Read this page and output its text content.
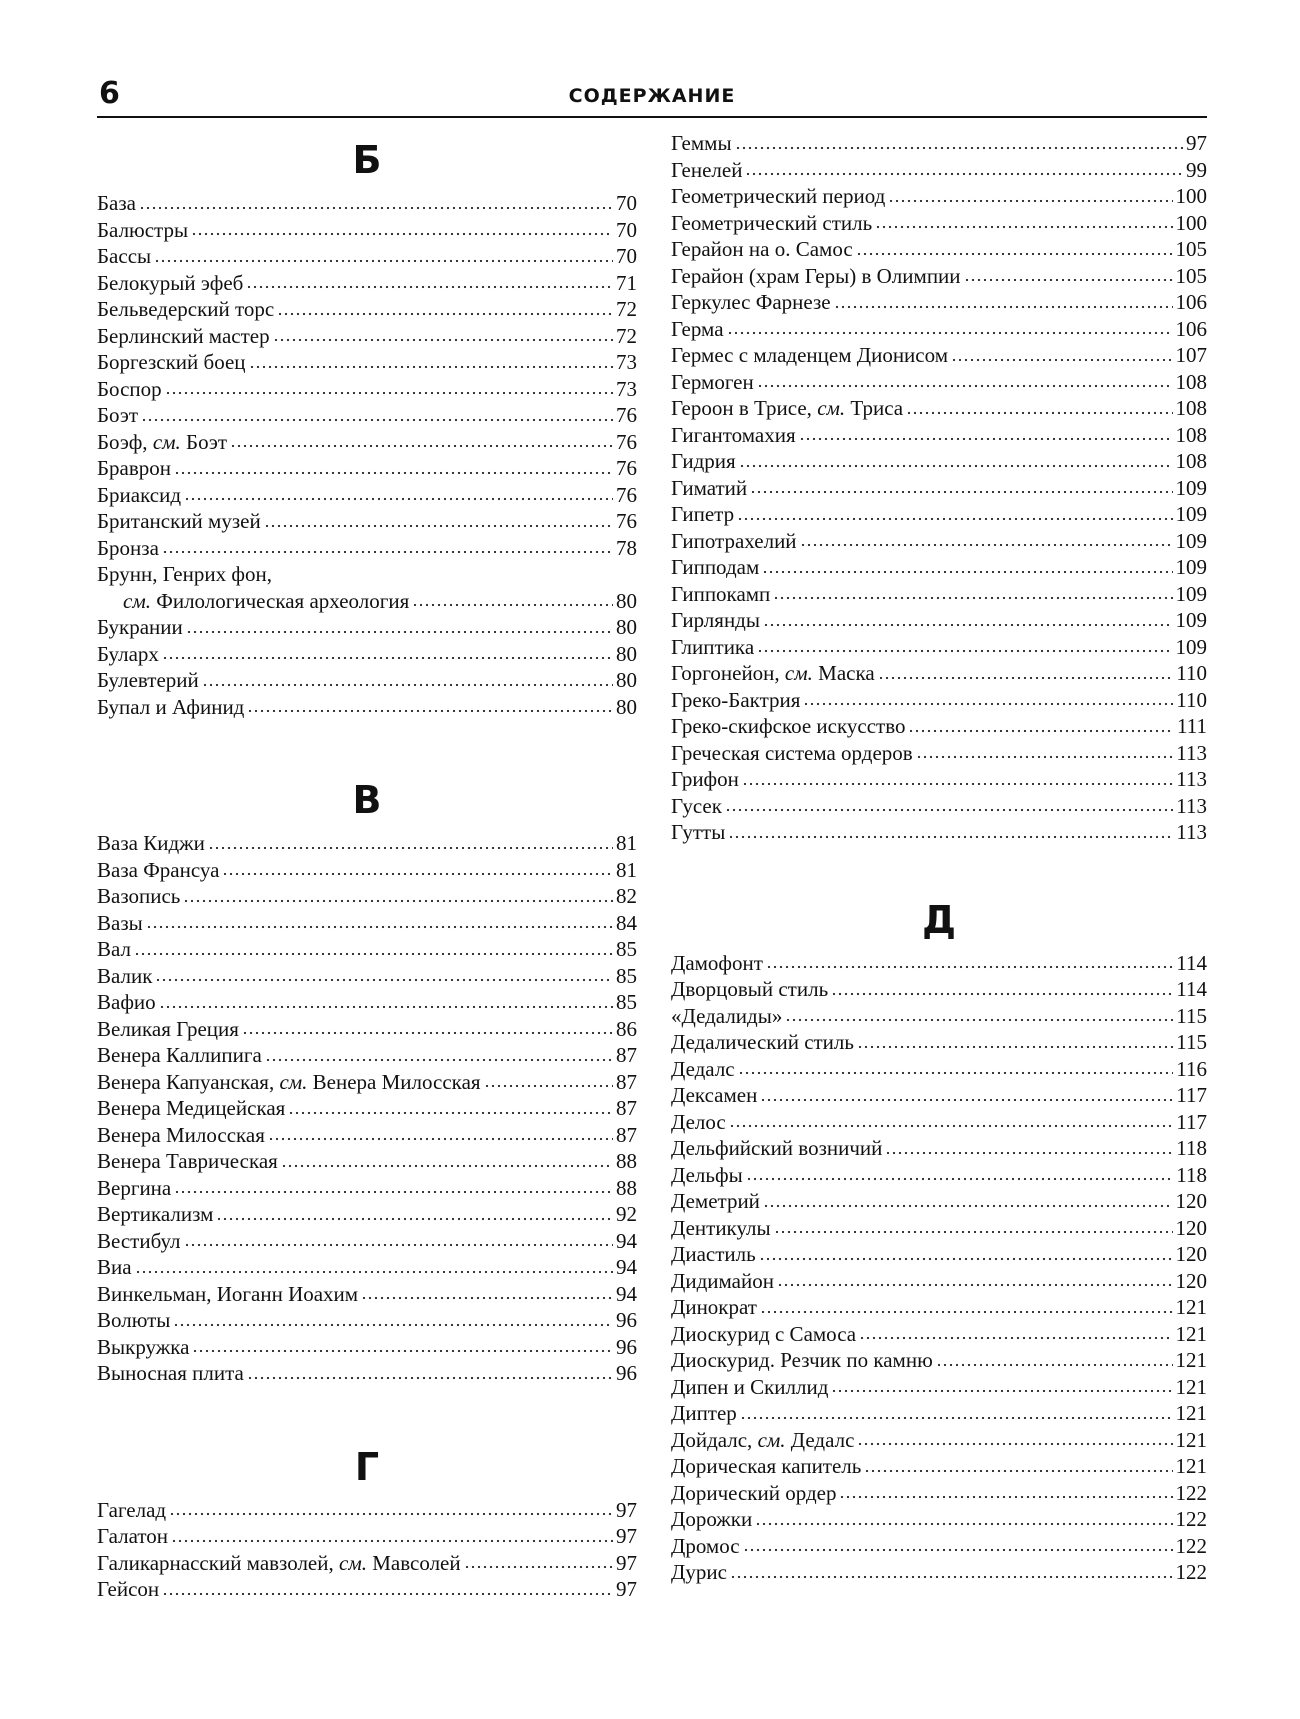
6	СОДЕРЖАНИЕ
Б
База	70
Балюстры	70
Бассы	70
Белокурый эфеб	71
Бельведерский торс	72
Берлинский мастер	72
Боргезский боец	73
Боспор	73
Боэт	76
Боэф, см. Боэт	76
Браврон	76
Бриаксид	76
Британский музей	76
Бронза	78
Брунн, Генрих фон,
см. Филологическая археология	80
Букрании	80
Буларх	80
Булевтерий	80
Бупал и Афинид	80
В
Ваза Киджи	81
Ваза Франсуа	81
Вазопись	82
Вазы	84
Вал	85
Валик	85
Вафио	85
Великая Греция	86
Венера Каллипига	87
Венера Капуанская, см. Венера Милосская	87
Венера Медицейская	87
Венера Милосская	87
Венера Таврическая	88
Вергина	88
Вертикализм	92
Вестибул	94
Виа	94
Винкельман, Иоганн Иоахим	94
Волюты	96
Выкружка	96
Выносная плита	96
Г
Гагелад	97
Галатон	97
Галикарнасский мавзолей, см. Мавсолей	97
Гейсон	97
Геммы	97
Генелей	99
Геометрический период	100
Геометрический стиль	100
Герайон на о. Самос	105
Герайон (храм Геры) в Олимпии	105
Геркулес Фарнезе	106
Герма	106
Гермес с младенцем Дионисом	107
Гермоген	108
Героон в Трисе, см. Триса	108
Гигантомахия	108
Гидрия	108
Гиматий	109
Гипетр	109
Гипотрахелий	109
Гипподам	109
Гиппокамп	109
Гирлянды	109
Глиптика	109
Горгонейон, см. Маска	110
Греко-Бактрия	110
Греко-скифское искусство	111
Греческая система ордеров	113
Грифон	113
Гусек	113
Гутты	113
Д
Дамофонт	114
Дворцовый стиль	114
«Дедалиды»	115
Дедалический стиль	115
Дедалс	116
Дексамен	117
Делос	117
Дельфийский возничий	118
Дельфы	118
Деметрий	120
Дентикулы	120
Диастиль	120
Дидимайон	120
Динократ	121
Диоскурид с Самоса	121
Диоскурид. Резчик по камню	121
Дипен и Скиллид	121
Диптер	121
Дойдалс, см. Дедалс	121
Дорическая капитель	121
Дорический ордер	122
Дорожки	122
Дромос	122
Дурис	122
